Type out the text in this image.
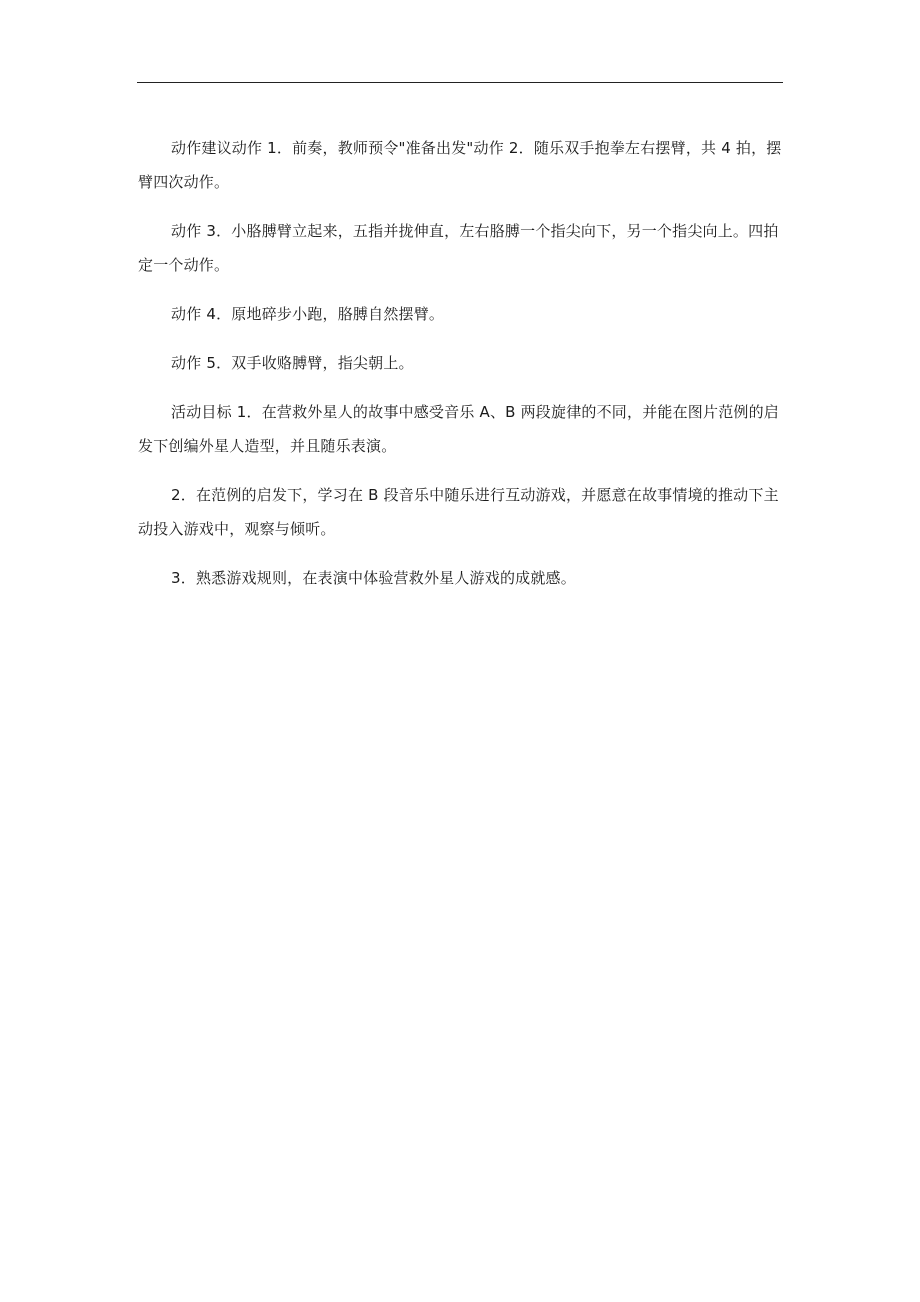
动作建议动作 1．前奏，教师预令"准备出发"动作 2．随乐双手抱拳左右摆臂，共 4 拍，摆臂四次动作。

动作 3．小胳膊臂立起来，五指并拢伸直，左右胳膊一个指尖向下，另一个指尖向上。四拍定一个动作。

动作 4．原地碎步小跑，胳膊自然摆臂。

动作 5．双手收赂膊臂，指尖朝上。

活动目标 1．在营救外星人的故事中感受音乐 A、B 两段旋律的不同，并能在图片范例的启发下创编外星人造型，并且随乐表演。

2．在范例的启发下，学习在 B 段音乐中随乐进行互动游戏，并愿意在故事情境的推动下主动投入游戏中，观察与倾听。

3．熟悉游戏规则，在表演中体验营救外星人游戏的成就感。
